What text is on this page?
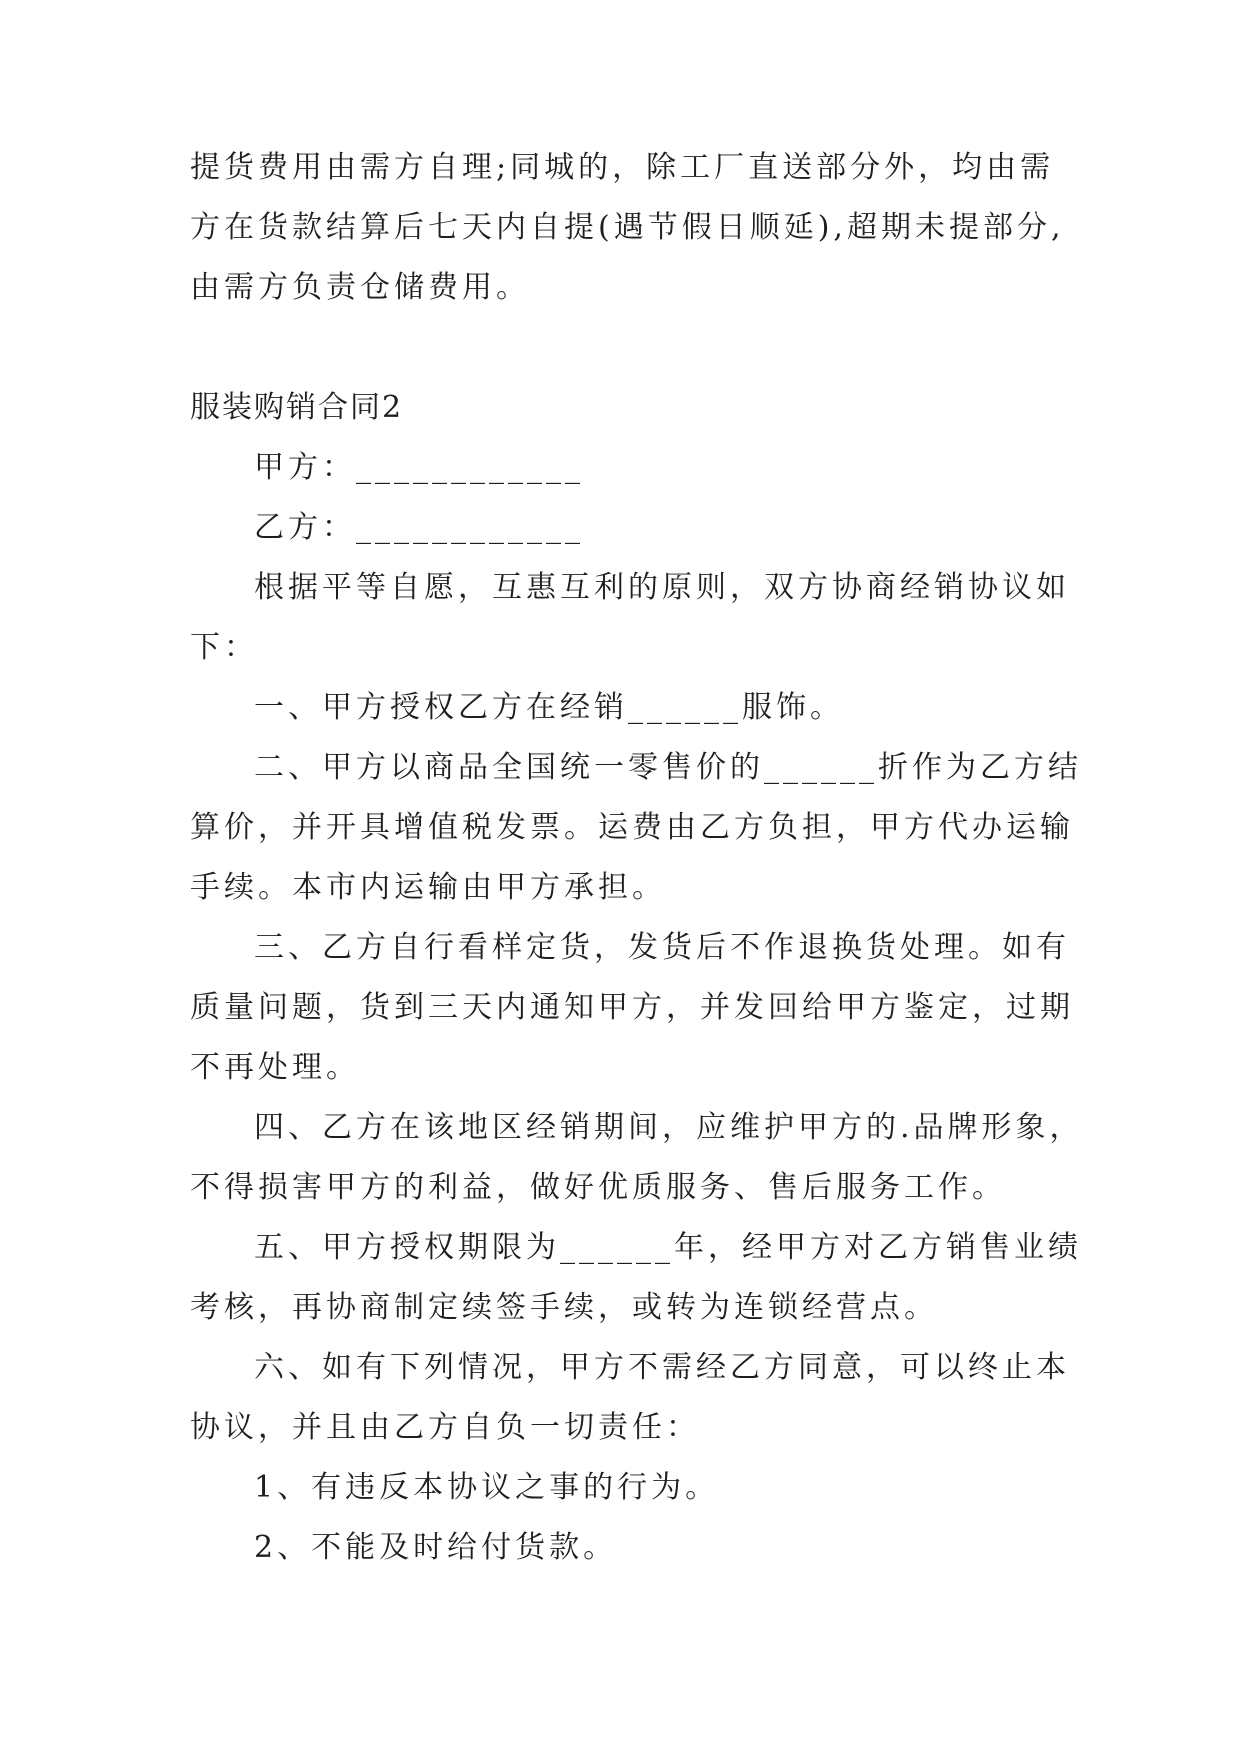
提货费用由需方自理;同城的，除工厂直送部分外，均由需
方在货款结算后七天内自提(遇节假日顺延),超期未提部分,
由需方负责仓储费用。
服装购销合同2
甲方：____________
乙方：____________
根据平等自愿，互惠互利的原则，双方协商经销协议如
下：
一、甲方授权乙方在经销______服饰。
二、甲方以商品全国统一零售价的______折作为乙方结
算价，并开具增值税发票。运费由乙方负担，甲方代办运输
手续。本市内运输由甲方承担。
三、乙方自行看样定货，发货后不作退换货处理。如有
质量问题，货到三天内通知甲方，并发回给甲方鉴定，过期
不再处理。
四、乙方在该地区经销期间，应维护甲方的.品牌形象，
不得损害甲方的利益，做好优质服务、售后服务工作。
五、甲方授权期限为______年，经甲方对乙方销售业绩
考核，再协商制定续签手续，或转为连锁经营点。
六、如有下列情况，甲方不需经乙方同意，可以终止本
协议，并且由乙方自负一切责任：
1、有违反本协议之事的行为。
2、不能及时给付货款。
